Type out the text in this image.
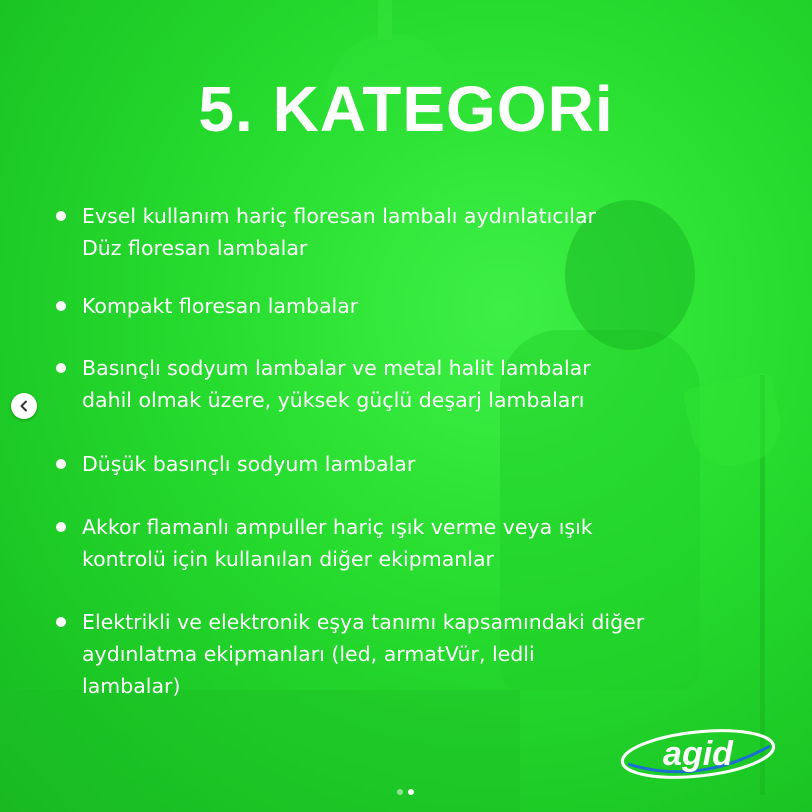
5. KATEGORi
Evsel kullanım hariç floresan lambalı aydınlatıcılar
Düz floresan lambalar
Kompakt floresan lambalar
Basınçlı sodyum lambalar ve metal halit lambalar
dahil olmak üzere, yüksek güçlü deşarj lambaları
Düşük basınçlı sodyum lambalar
Akkor flamanlı ampuller hariç ışık verme veya ışık
kontrolü için kullanılan diğer ekipmanlar
Elektrikli ve elektronik eşya tanımı kapsamındaki diğer
aydınlatma ekipmanları (led, armatVür, ledli
lambalar)
agid
